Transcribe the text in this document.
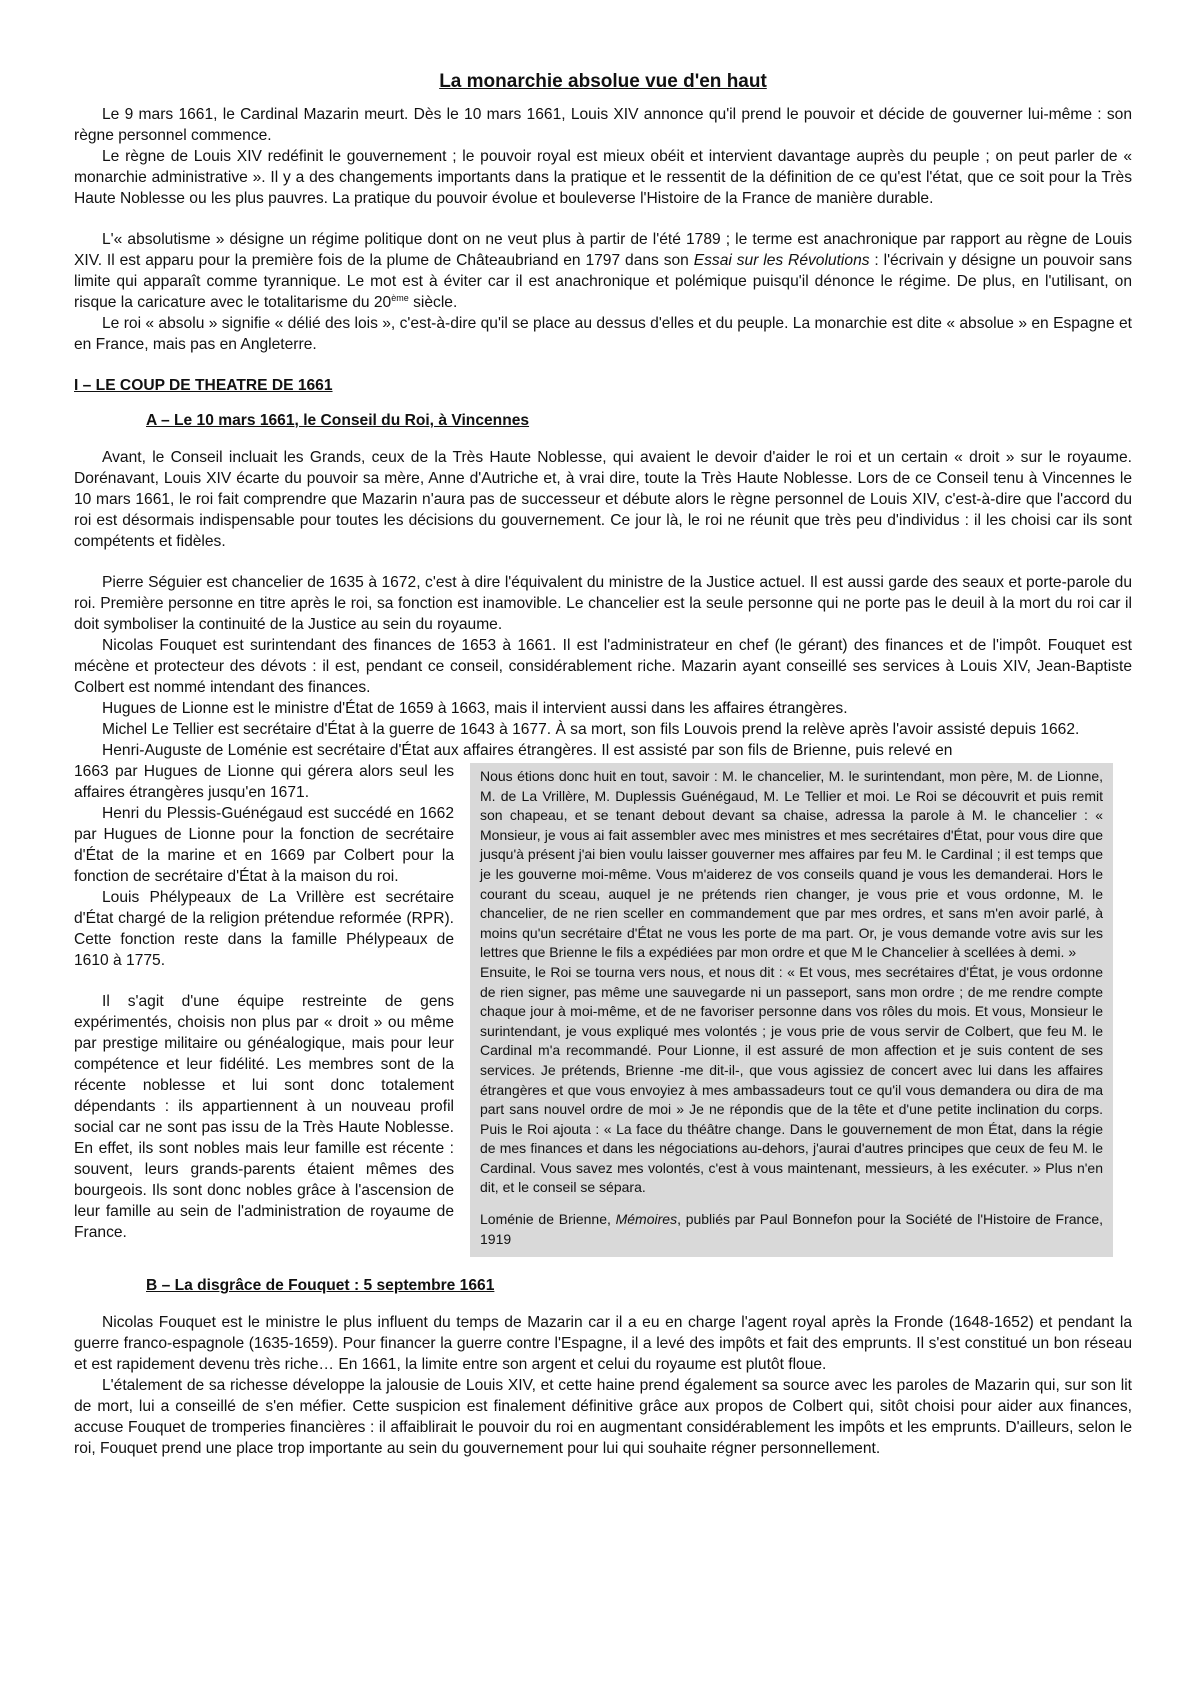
La monarchie absolue vue d'en haut

Le 9 mars 1661, le Cardinal Mazarin meurt. Dès le 10 mars 1661, Louis XIV annonce qu'il prend le pouvoir et décide de gouverner lui-même : son règne personnel commence.

Le règne de Louis XIV redéfinit le gouvernement ; le pouvoir royal est mieux obéit et intervient davantage auprès du peuple ; on peut parler de « monarchie administrative ». Il y a des changements importants dans la pratique et le ressentit de la définition de ce qu'est l'état, que ce soit pour la Très Haute Noblesse ou les plus pauvres. La pratique du pouvoir évolue et bouleverse l'Histoire de la France de manière durable.

L'« absolutisme » désigne un régime politique dont on ne veut plus à partir de l'été 1789 ; le terme est anachronique par rapport au règne de Louis XIV. Il est apparu pour la première fois de la plume de Châteaubriand en 1797 dans son Essai sur les Révolutions : l'écrivain y désigne un pouvoir sans limite qui apparaît comme tyrannique. Le mot est à éviter car il est anachronique et polémique puisqu'il dénonce le régime. De plus, en l'utilisant, on risque la caricature avec le totalitarisme du 20ème siècle.

Le roi « absolu » signifie « délié des lois », c'est-à-dire qu'il se place au dessus d'elles et du peuple. La monarchie est dite « absolue » en Espagne et en France, mais pas en Angleterre.

I – LE COUP DE THEATRE DE 1661
A – Le 10 mars 1661, le Conseil du Roi, à Vincennes

Avant, le Conseil incluait les Grands, ceux de la Très Haute Noblesse, qui avaient le devoir d'aider le roi et un certain « droit » sur le royaume. Dorénavant, Louis XIV écarte du pouvoir sa mère, Anne d'Autriche et, à vrai dire, toute la Très Haute Noblesse. Lors de ce Conseil tenu à Vincennes le 10 mars 1661, le roi fait comprendre que Mazarin n'aura pas de successeur et débute alors le règne personnel de Louis XIV, c'est-à-dire que l'accord du roi est désormais indispensable pour toutes les décisions du gouvernement. Ce jour là, le roi ne réunit que très peu d'individus : il les choisi car ils sont compétents et fidèles.

Pierre Séguier est chancelier de 1635 à 1672, c'est à dire l'équivalent du ministre de la Justice actuel. Il est aussi garde des seaux et porte-parole du roi. Première personne en titre après le roi, sa fonction est inamovible. Le chancelier est la seule personne qui ne porte pas le deuil à la mort du roi car il doit symboliser la continuité de la Justice au sein du royaume.

Nicolas Fouquet est surintendant des finances de 1653 à 1661. Il est l'administrateur en chef (le gérant) des finances et de l'impôt. Fouquet est mécène et protecteur des dévots : il est, pendant ce conseil, considérablement riche. Mazarin ayant conseillé ses services à Louis XIV, Jean-Baptiste Colbert est nommé intendant des finances.

Hugues de Lionne est le ministre d'État de 1659 à 1663, mais il intervient aussi dans les affaires étrangères.

Michel Le Tellier est secrétaire d'État à la guerre de 1643 à 1677. À sa mort, son fils Louvois prend la relève après l'avoir assisté depuis 1662.

Henri-Auguste de Loménie est secrétaire d'État aux affaires étrangères. Il est assisté par son fils de Brienne, puis relevé en

1663 par Hugues de Lionne qui gérera alors seul les affaires étrangères jusqu'en 1671.

Henri du Plessis-Guénégaud est succédé en 1662 par Hugues de Lionne pour la fonction de secrétaire d'État de la marine et en 1669 par Colbert pour la fonction de secrétaire d'État à la maison du roi.

Louis Phélypeaux de La Vrillère est secrétaire d'État chargé de la religion prétendue reformée (RPR). Cette fonction reste dans la famille Phélypeaux de 1610 à 1775.

Il s'agit d'une équipe restreinte de gens expérimentés, choisis non plus par « droit » ou même par prestige militaire ou généalogique, mais pour leur compétence et leur fidélité. Les membres sont de la récente noblesse et lui sont donc totalement dépendants : ils appartiennent à un nouveau profil social car ne sont pas issu de la Très Haute Noblesse. En effet, ils sont nobles mais leur famille est récente : souvent, leurs grands-parents étaient mêmes des bourgeois. Ils sont donc nobles grâce à l'ascension de leur famille au sein de l'administration de royaume de France.

Nous étions donc huit en tout, savoir : M. le chancelier, M. le surintendant, mon père, M. de Lionne, M. de La Vrillère, M. Duplessis Guénégaud, M. Le Tellier et moi. Le Roi se découvrit et puis remit son chapeau, et se tenant debout devant sa chaise, adressa la parole à M. le chancelier : « Monsieur, je vous ai fait assembler avec mes ministres et mes secrétaires d'État, pour vous dire que jusqu'à présent j'ai bien voulu laisser gouverner mes affaires par feu M. le Cardinal ; il est temps que je les gouverne moi-même. Vous m'aiderez de vos conseils quand je vous les demanderai. Hors le courant du sceau, auquel je ne prétends rien changer, je vous prie et vous ordonne, M. le chancelier, de ne rien sceller en commandement que par mes ordres, et sans m'en avoir parlé, à moins qu'un secrétaire d'État ne vous les porte de ma part. Or, je vous demande votre avis sur les lettres que Brienne le fils a expédiées par mon ordre et que M le Chancelier à scellées à demi. »

Ensuite, le Roi se tourna vers nous, et nous dit : « Et vous, mes secrétaires d'État, je vous ordonne de rien signer, pas même une sauvegarde ni un passeport, sans mon ordre ; de me rendre compte chaque jour à moi-même, et de ne favoriser personne dans vos rôles du mois. Et vous, Monsieur le surintendant, je vous expliqué mes volontés ; je vous prie de vous servir de Colbert, que feu M. le Cardinal m'a recommandé. Pour Lionne, il est assuré de mon affection et je suis content de ses services. Je prétends, Brienne -me dit-il-, que vous agissiez de concert avec lui dans les affaires étrangères et que vous envoyiez à mes ambassadeurs tout ce qu'il vous demandera ou dira de ma part sans nouvel ordre de moi » Je ne répondis que de la tête et d'une petite inclination du corps. Puis le Roi ajouta : « La face du théâtre change. Dans le gouvernement de mon État, dans la régie de mes finances et dans les négociations au-dehors, j'aurai d'autres principes que ceux de feu M. le Cardinal. Vous savez mes volontés, c'est à vous maintenant, messieurs, à les exécuter. » Plus n'en dit, et le conseil se sépara.

Loménie de Brienne, Mémoires, publiés par Paul Bonnefon pour la Société de l'Histoire de France, 1919

B – La disgrâce de Fouquet : 5 septembre 1661

Nicolas Fouquet est le ministre le plus influent du temps de Mazarin car il a eu en charge l'agent royal après la Fronde (1648-1652) et pendant la guerre franco-espagnole (1635-1659). Pour financer la guerre contre l'Espagne, il a levé des impôts et fait des emprunts. Il s'est constitué un bon réseau et est rapidement devenu très riche… En 1661, la limite entre son argent et celui du royaume est plutôt floue.

L'étalement de sa richesse développe la jalousie de Louis XIV, et cette haine prend également sa source avec les paroles de Mazarin qui, sur son lit de mort, lui a conseillé de s'en méfier. Cette suspicion est finalement définitive grâce aux propos de Colbert qui, sitôt choisi pour aider aux finances, accuse Fouquet de tromperies financières : il affaiblirait le pouvoir du roi en augmentant considérablement les impôts et les emprunts. D'ailleurs, selon le roi, Fouquet prend une place trop importante au sein du gouvernement pour lui qui souhaite régner personnellement.
